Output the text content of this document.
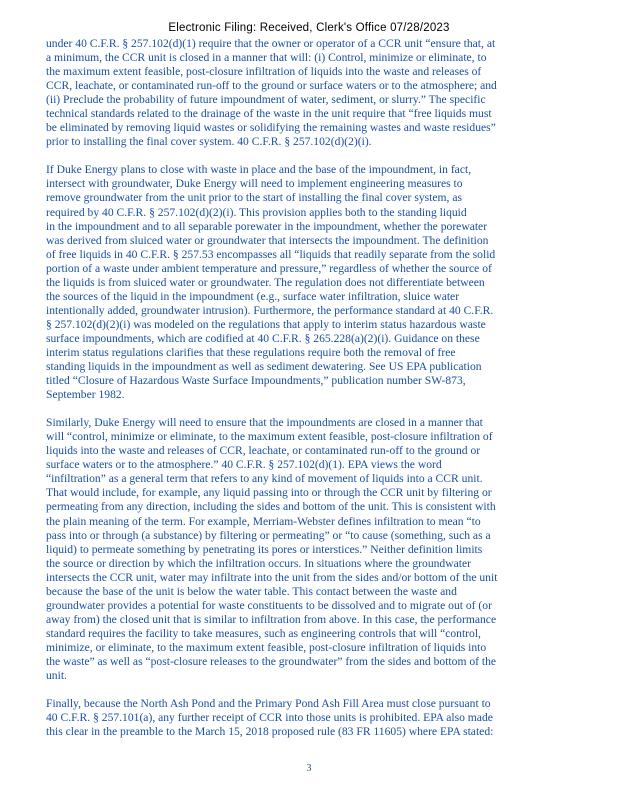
Electronic Filing: Received, Clerk's Office 07/28/2023
under 40 C.F.R. § 257.102(d)(1) require that the owner or operator of a CCR unit “ensure that, at
a minimum, the CCR unit is closed in a manner that will: (i) Control, minimize or eliminate, to
the maximum extent feasible, post-closure infiltration of liquids into the waste and releases of
CCR, leachate, or contaminated run-off to the ground or surface waters or to the atmosphere; and
(ii) Preclude the probability of future impoundment of water, sediment, or slurry.” The specific
technical standards related to the drainage of the waste in the unit require that “free liquids must
be eliminated by removing liquid wastes or solidifying the remaining wastes and waste residues”
prior to installing the final cover system. 40 C.F.R. § 257.102(d)(2)(i).
If Duke Energy plans to close with waste in place and the base of the impoundment, in fact,
intersect with groundwater, Duke Energy will need to implement engineering measures to
remove groundwater from the unit prior to the start of installing the final cover system, as
required by 40 C.F.R. § 257.102(d)(2)(i). This provision applies both to the standing liquid
in the impoundment and to all separable porewater in the impoundment, whether the porewater
was derived from sluiced water or groundwater that intersects the impoundment. The definition
of free liquids in 40 C.F.R. § 257.53 encompasses all “liquids that readily separate from the solid
portion of a waste under ambient temperature and pressure,” regardless of whether the source of
the liquids is from sluiced water or groundwater. The regulation does not differentiate between
the sources of the liquid in the impoundment (e.g., surface water infiltration, sluice water
intentionally added, groundwater intrusion). Furthermore, the performance standard at 40 C.F.R.
§ 257.102(d)(2)(i) was modeled on the regulations that apply to interim status hazardous waste
surface impoundments, which are codified at 40 C.F.R. § 265.228(a)(2)(i). Guidance on these
interim status regulations clarifies that these regulations require both the removal of free
standing liquids in the impoundment as well as sediment dewatering. See US EPA publication
titled “Closure of Hazardous Waste Surface Impoundments,” publication number SW-873,
September 1982.
Similarly, Duke Energy will need to ensure that the impoundments are closed in a manner that
will “control, minimize or eliminate, to the maximum extent feasible, post-closure infiltration of
liquids into the waste and releases of CCR, leachate, or contaminated run-off to the ground or
surface waters or to the atmosphere.” 40 C.F.R. § 257.102(d)(1). EPA views the word
“infiltration” as a general term that refers to any kind of movement of liquids into a CCR unit.
That would include, for example, any liquid passing into or through the CCR unit by filtering or
permeating from any direction, including the sides and bottom of the unit. This is consistent with
the plain meaning of the term. For example, Merriam-Webster defines infiltration to mean “to
pass into or through (a substance) by filtering or permeating” or “to cause (something, such as a
liquid) to permeate something by penetrating its pores or interstices.” Neither definition limits
the source or direction by which the infiltration occurs. In situations where the groundwater
intersects the CCR unit, water may infiltrate into the unit from the sides and/or bottom of the unit
because the base of the unit is below the water table. This contact between the waste and
groundwater provides a potential for waste constituents to be dissolved and to migrate out of (or
away from) the closed unit that is similar to infiltration from above. In this case, the performance
standard requires the facility to take measures, such as engineering controls that will “control,
minimize, or eliminate, to the maximum extent feasible, post-closure infiltration of liquids into
the waste” as well as “post-closure releases to the groundwater” from the sides and bottom of the
unit.
Finally, because the North Ash Pond and the Primary Pond Ash Fill Area must close pursuant to
40 C.F.R. § 257.101(a), any further receipt of CCR into those units is prohibited. EPA also made
this clear in the preamble to the March 15, 2018 proposed rule (83 FR 11605) where EPA stated:
3
